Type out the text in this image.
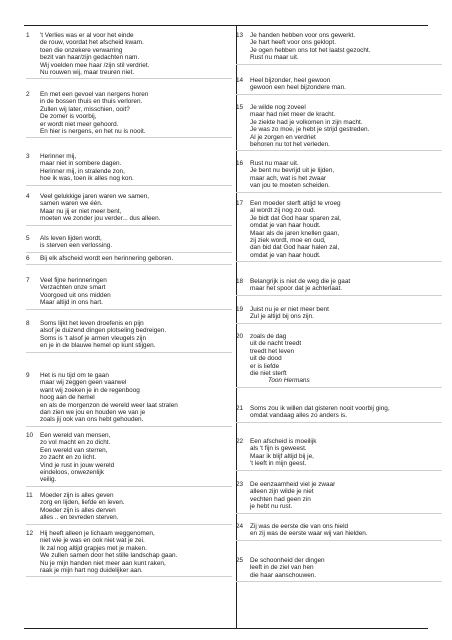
1	't Verlies was er al voor het einde
de rouw, voordat het afscheid kwam.
toen die onzekere verwarring
bezit van haar/zijn gedachten nam.
Wij voelden mee haar /zijn stil verdriet.
Nu rouwen wij, maar treuren niet.
2	En met een gevoel van nergens horen
in de bossen thuis en thuis verloren.
Zullen wij later, misschien, ooit?
De zomer is voorbij,
er wordt niet meer gehoord.
En hier is nergens, en het nu is nooit.
3	Herinner mij,
maar niet in sombere dagen.
Herinner mij, in stralende zon,
hoe ik was, toen ik alles nog kon.
4	Veel gelukkige jaren waren we samen,
samen waren we één.
Maar nu jij er niet meer bent,
moeten we zonder jou verder... dus alleen.
5	Als leven lijden wordt,
is sterven een verlossing.
6	Bij elk afscheid wordt een herinnering geboren.
7	Veel fijne herinneringen
Verzachten onze smart
Voorgoed uit ons midden
Maar altijd in ons hart.
8	Soms lijkt het leven droefenis en pijn
alsof je duizend dingen plotseling bedreigen.
Soms is 't alsof je armen vleugels zijn
en je in de blauwe hemel op kunt stijgen.
9	Het is nu tijd om te gaan
maar wij zeggen geen vaarwel
want wij zoeken je in de regenboog
hoog aan de hemel
en als de morgenzon de wereld weer laat stralen
dan zien we jou en houden we van je
zoals jij ook van ons hebt gehouden.
10	Een wereld van mensen,
zo vol macht en zo dicht.
Een wereld van sterren,
zo zacht en zo licht.
Vind je rust in jouw wereld
eindeloos, onwezenlijk
veilig.
11	Moeder zijn is alles geven
zorg en lijden, liefde en leven.
Moeder zijn is alles derven
alles .. en tevreden sterven.
12	Hij heeft alleen je lichaam weggenomen,
niet wie je was en ook niet wat je zei.
Ik zal nog altijd grapjes met je maken.
We zullen samen door het stille landschap gaan.
Nu je mijn handen niet meer aan kunt raken,
raak je mijn hart nog duidelijker aan.
13	Je handen hebben voor ons gewerkt.
Je hart heeft voor ons geklopt.
Je ogen hebben ons tot het laatst gezocht.
Rust nu maar uit.
14	Heel bijzonder, heel gewoon
gewoon een heel bijzondere man.
15	Je wilde nog zoveel
maar had niet meer de kracht.
Je ziekte had je volkomen in zijn macht.
Je was zo moe, je hebt je strijd gestreden.
Al je zorgen en verdriet
behoren nu tot het verleden.
16	Rust nu maar uit.
Je bent nu bevrijd uit je lijden,
maar ach, wat is het zwaar
van jou te moeten scheiden.
17	Een moeder sterft altijd te vroeg
al wordt zij nog zo oud.
Je bidt dat God haar sparen zal,
omdat je van haar houdt.
Maar als de jaren knellen gaan,
zij ziek wordt, moe en oud,
dan bid dat God haar halen zal,
omdat je van haar houdt.
18	Belangrijk is niet de weg die je gaat
maar het spoor dat je achterlaat.
19	Juist nu je er niet meer bent
Zul je altijd bij ons zijn.
20	zoals de dag
uit de nacht treedt
treedt het leven
uit de dood
er is liefde
die niet sterft
Toon Hermans
21	Soms zou ik willen dat gisteren nooit voorbij ging,
omdat vandaag alles zo anders is.
22	Een afscheid is moeilijk
als 't fijn is geweest.
Maar ik blijf altijd bij je,
't leeft in mijn geest.
23	De eenzaamheid viel je zwaar
alleen zijn wilde je niet
vechten had geen zin
je hebt nu rust.
24	Zij was de eerste die van ons hield
en zij was de eerste waar wij van hielden.
25	De schoonheid der dingen
leeft in de ziel van hen
die haar aanschouwen.
